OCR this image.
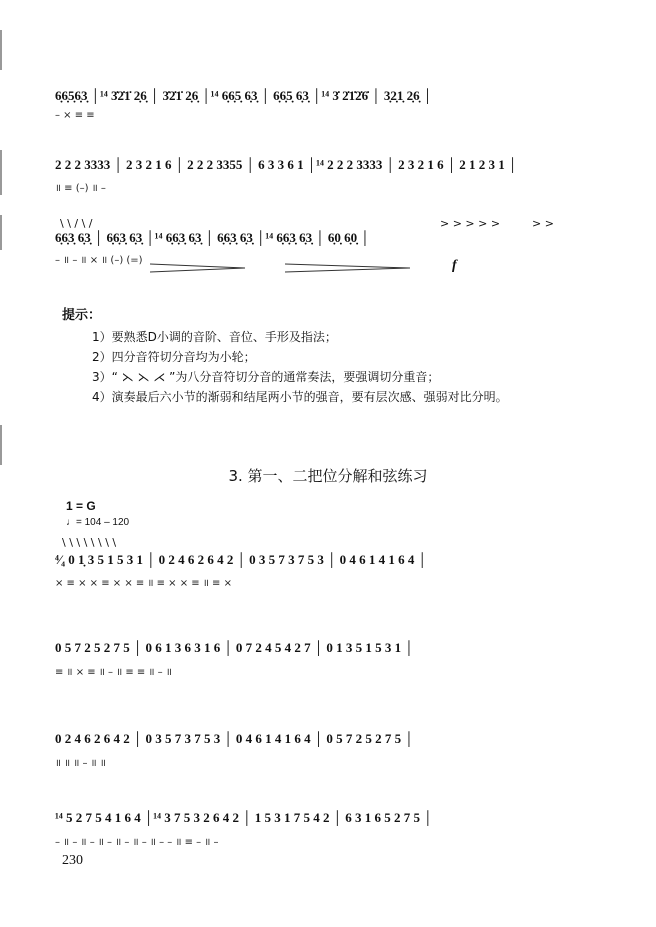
6̣6̣5̣6̣3̣ │¹⁴ 3̇2̇1̇ 2̣6̣ │ 3̇2̇1̇ 2̣6̣ │¹⁴ 6̣6̣5̣ 6̣3̣ │ 6̣6̣5̣ 6̣3̣ │¹⁴ 3̇ 2̇1̇2̇6̇ │ 3̣2̣1̣ 2̣6̣ │
– × ≡ ≡
2 2 2 3333 │ 2 3 2 1 6 │ 2 2 2 3355 │ 6 3 3 6 1 │¹⁴ 2 2 2 3333 │ 2 3 2 1 6 │ 2 1 2 3 1 │
॥ ≡ (–) ॥ –
\ \ / \ /	> > > > >	> >
6̣6̣3̣ 6̣3̣ │ 6̣6̣3̣ 6̣3̣ │¹⁴ 6̣6̣3̣ 6̣3̣ │ 6̣6̣3̣ 6̣3̣ │¹⁴ 6̣6̣3̣ 6̣3̣ │ 6̣0̣ 6̣0̣ │
– ॥ – ॥ × ॥ (–) (=)	f
提示：
1）要熟悉D小调的音阶、音位、手形及指法；
2）四分音符切分音均为小轮；
3）“ ⋋ ⋋ ⋌ ”为八分音符切分音的通常奏法，要强调切分重音；
4）演奏最后六小节的渐弱和结尾两小节的强音，要有层次感、强弱对比分明。
3. 第一、二把位分解和弦练习
1 = G
♩= 104 – 120
\ \ \ \ \ \ \ \
⁴⁄₄ 0 1̣ 3 5 1 5 3 1 │ 0 2 4 6 2 6 4 2 │ 0 3 5 7 3 7 5 3 │ 0 4 6 1 4 1 6 4 │
× ≡ × × ≡ × × ≡ ॥ ≡ × × ≡ ॥ ≡ ×
0 5 7 2 5 2 7 5 │ 0 6 1 3 6 3 1 6 │ 0 7 2 4 5 4 2 7 │ 0 1 3 5 1 5 3 1 │
≡ ॥ × ≡ ॥ – ॥ ≡ ≡ ॥ – ॥
0 2 4 6 2 6 4 2 │ 0 3 5 7 3 7 5 3 │ 0 4 6 1 4 1 6 4 │ 0 5 7 2 5 2 7 5 │
॥ ॥ ॥ – ॥ ॥
¹⁴ 5 2 7 5 4 1 6 4 │¹⁴ 3 7 5 3 2 6 4 2 │ 1 5 3 1 7 5 4 2 │ 6 3 1 6 5 2 7 5 │
– ॥ – ॥ – ॥ – ॥ – ॥ – ॥ – – ॥ ≡ – ॥ –
230
